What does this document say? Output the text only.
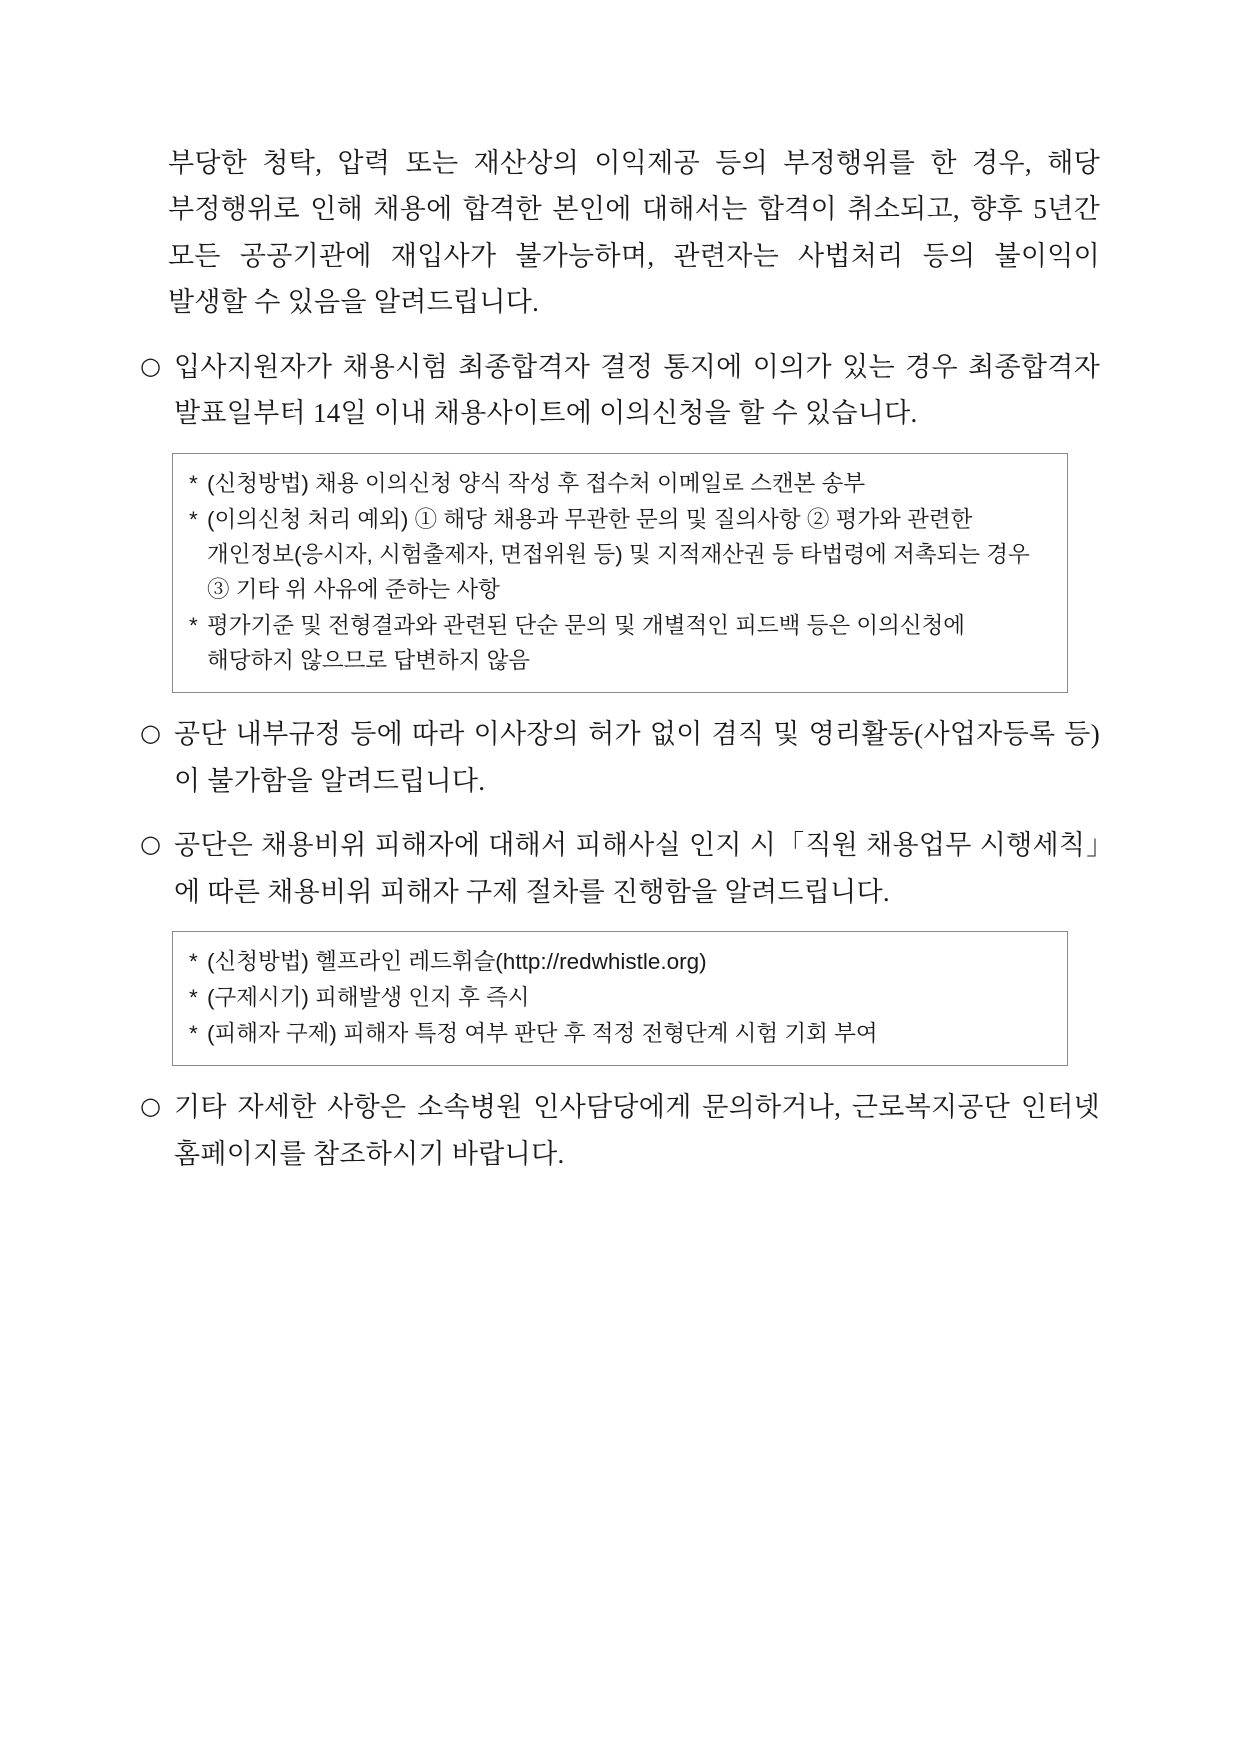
부당한 청탁, 압력 또는 재산상의 이익제공 등의 부정행위를 한 경우, 해당 부정행위로 인해 채용에 합격한 본인에 대해서는 합격이 취소되고, 향후 5년간 모든 공공기관에 재입사가 불가능하며, 관련자는 사법처리 등의 불이익이 발생할 수 있음을 알려드립니다.

○ 입사지원자가 채용시험 최종합격자 결정 통지에 이의가 있는 경우 최종합격자 발표일부터 14일 이내 채용사이트에 이의신청을 할 수 있습니다.
* (신청방법) 채용 이의신청 양식 작성 후 접수처 이메일로 스캔본 송부
* (이의신청 처리 예외) ① 해당 채용과 무관한 문의 및 질의사항 ② 평가와 관련한 개인정보(응시자, 시험출제자, 면접위원 등) 및 지적재산권 등 타법령에 저촉되는 경우 ③ 기타 위 사유에 준하는 사항
* 평가기준 및 전형결과와 관련된 단순 문의 및 개별적인 피드백 등은 이의신청에 해당하지 않으므로 답변하지 않음
○ 공단 내부규정 등에 따라 이사장의 허가 없이 겸직 및 영리활동(사업자등록 등)이 불가함을 알려드립니다.
○ 공단은 채용비위 피해자에 대해서 피해사실 인지 시「직원 채용업무 시행세칙」에 따른 채용비위 피해자 구제 절차를 진행함을 알려드립니다.
* (신청방법) 헬프라인 레드휘슬(http://redwhistle.org)
* (구제시기) 피해발생 인지 후 즉시
* (피해자 구제) 피해자 특정 여부 판단 후 적정 전형단계 시험 기회 부여
○ 기타 자세한 사항은 소속병원 인사담당에게 문의하거나, 근로복지공단 인터넷 홈페이지를 참조하시기 바랍니다.
